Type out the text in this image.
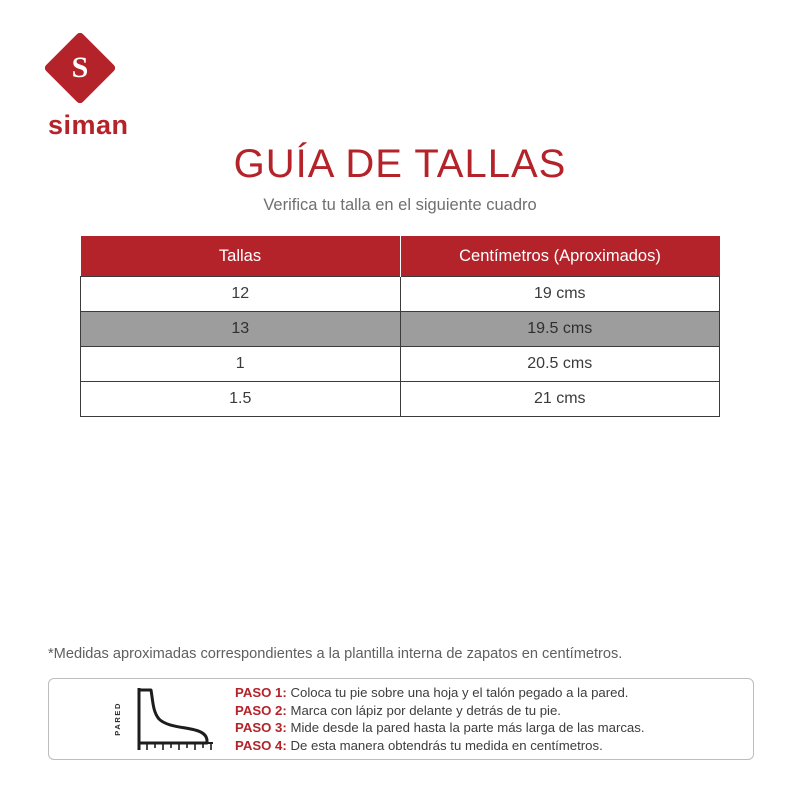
S
siman
GUÍA DE TALLAS
Verifica tu talla en el siguiente cuadro
Tallas	Centímetros (Aproximados)
12	19 cms
13	19.5 cms
1	20.5 cms
1.5	21 cms
*Medidas aproximadas correspondientes a la plantilla interna de zapatos en centímetros.
PARED
PASO 1: Coloca tu pie sobre una hoja y el talón pegado a la pared.
PASO 2: Marca con lápiz por delante y detrás de tu pie.
PASO 3: Mide desde la pared hasta la parte más larga de las marcas.
PASO 4: De esta manera obtendrás tu medida en centímetros.
